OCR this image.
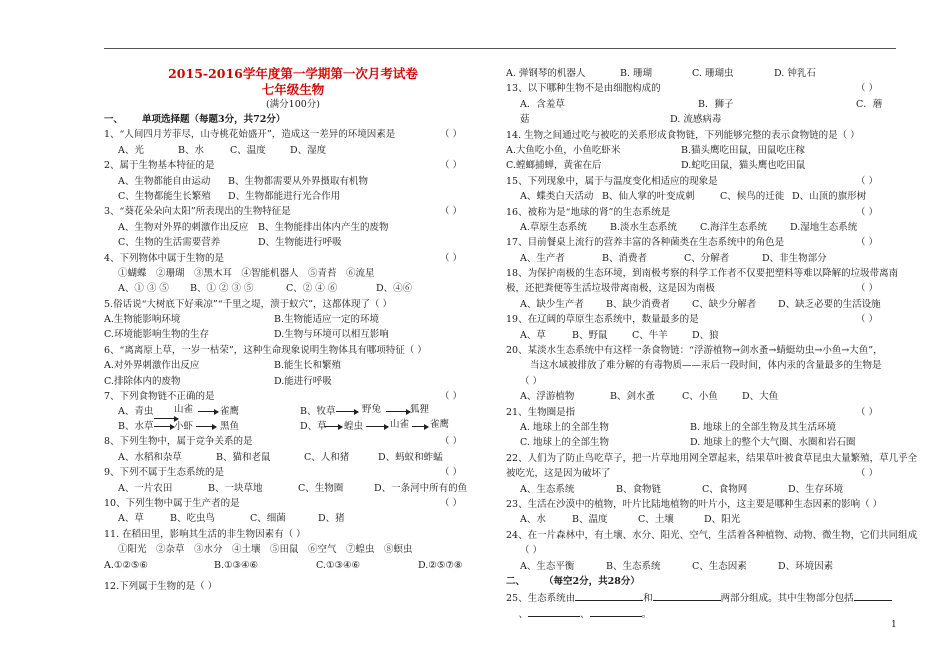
2015-2016学年度第一学期第一次月考试卷
七年级生物
(满分100分)
一、   单项选择题（每题3分，共72分）
1、“人间四月芳菲尽，山寺桃花始盛开”，造成这一差异的环境因素是	（ ）
A、光	B、水	C、温度	D、湿度
2、属于生物基本特征的是	（ ）
A、生物都能自由运动 B、生物都需要从外界摄取有机物
C、生物都能生长繁殖 D、生物都能进行光合作用
3、“葵花朵朵向太阳”所表现出的生物特征是	（ ）
A、生物对外界的刺激作出反应 B、生物能排出体内产生的废物
C、生物的生活需要营养	D、生物能进行呼吸
4、下列物体中属于生物的是	（ ）
①蝴蝶　②珊瑚　③黑木耳　④智能机器人　⑤青苔　⑥流星
A、① ③ ⑤ B、① ② ③ ⑤	C、② ④ ⑥	D、④⑥
5.俗话说“大树底下好乘凉”“千里之堤，溃于蚁穴”，这都体现了（ ）
A.生物能影响环境	B.生物能适应一定的环境
C.环境能影响生物的生存	D.生物与环境可以相互影响
6、“离离原上草，一岁一枯荣”，这种生命现象说明生物体具有哪项特征（ ）
A.对外界刺激作出反应	B.能生长和繁殖
C.排除体内的废物	D.能进行呼吸
7、下列食物链不正确的是	（ ）
A、青虫 山雀	雀鹰	B、牧草	野兔	狐狸
B、水草 小虾	黑鱼	D、草 蝗虫	山雀 雀鹰
8、下列生物中，属于竞争关系的是	（ ）
A、水稻和杂草	B、猫和老鼠	C、人和猪	D、蚂蚁和蚱蜢
9、下列不属于生态系统的是	（ ）
A、一片农田	B、一块草地	C、生物圈	D、一条河中所有的鱼
10、下列生物中属于生产者的是	（ ）
A、草	B、吃虫鸟	C、细菌	D、猪
11. 在稻田里，影响其生活的非生物因素有（ ）
①阳光　②杂草　③水分　④土壤　⑤田鼠　⑥空气　⑦蝗虫　⑧螟虫
A.①②⑤⑥	B.①③④⑥	C.①③④⑥	D.②⑤⑦⑧
12.下列属于生物的是（ ）
A. 弹钢琴的机器人	B. 珊瑚	C. 珊瑚虫	D. 钟乳石
13、以下哪种生物不是由细胞构成的	（ ）
A．含羞草	B．狮子	C．蘑
菇	D. 流感病毒
14. 生物之间通过吃与被吃的关系形成食物链，下列能够完整的表示食物链的是（ ）
A.大鱼吃小鱼，小鱼吃虾米	B.猫头鹰吃田鼠，田鼠吃庄稼
C.螳螂捕蝉，黄雀在后	D.蛇吃田鼠，猫头鹰也吃田鼠
15、下列现象中，属于与温度变化相适应的现象是	（ ）
A、蝶类白天活动 B、仙人掌的叶变成刺	C、候鸟的迁徙 D、山顶的旗形树
16、被称为是“地球的肾”的生态系统是	（ ）
A.草原生态系统 B.淡水生态系统 C.海洋生态系统 D.湿地生态系统
17、目前餐桌上流行的营养丰富的各种菌类在生态系统中的角色是	（ ）
A、生产者	B、消费者	C、分解者	D、非生物部分
18、为保护南极的生态环境，到南极考察的科学工作者不仅要把塑料等难以降解的垃圾带离南
极，还把粪便等生活垃圾带离南极，这是因为南极	（ ）
A、缺少生产者 B、缺少消费者 C、缺少分解者 D、缺乏必要的生活设施
19、在辽阔的草原生态系统中，数量最多的是	（ ）
A、草	B、野鼠	C、牛羊	D、狼
20、某淡水生态系统中有这样一条食物链：“浮游植物→剑水蚤→蜻蜓幼虫→小鱼→大鱼”，
当这水域被排放了难分解的有毒物质——汞后一段时间，体内汞的含量最多的生物是
（ ）
A、浮游植物	B、剑水蚤	C、小鱼	D、大鱼
21、生物圈是指	（ ）
A. 地球上的全部生物	B. 地球上的全部生物及其生活环境
C. 地球上的全部生物	D. 地球上的整个大气圈、水圈和岩石圈
22、人们为了防止鸟吃草子，把一片草地用网全罩起来，结果草叶被食草昆虫大量繁殖，草几乎全
被吃光，这是因为破坏了	（ ）
A、生态系统	B、食物链	C、食物网	D、生存环境
23、生活在沙漠中的植物，叶片比陆地植物的叶片小，这主要是哪种生态因素的影响（ ）
A、水	B、温度	C、土壤	D、阳光
24、在一片森林中，有土壤、水分、阳光、空气，生活着各种植物、动物、微生物，它们共同组成
（ ）
A、生态平衡	B、生态系统	C、生态因素	D、环境因素
二、   （每空2分，共28分）
25、生态系统由	和	两部分组成。其中生物部分包括
  、	、	。
1
